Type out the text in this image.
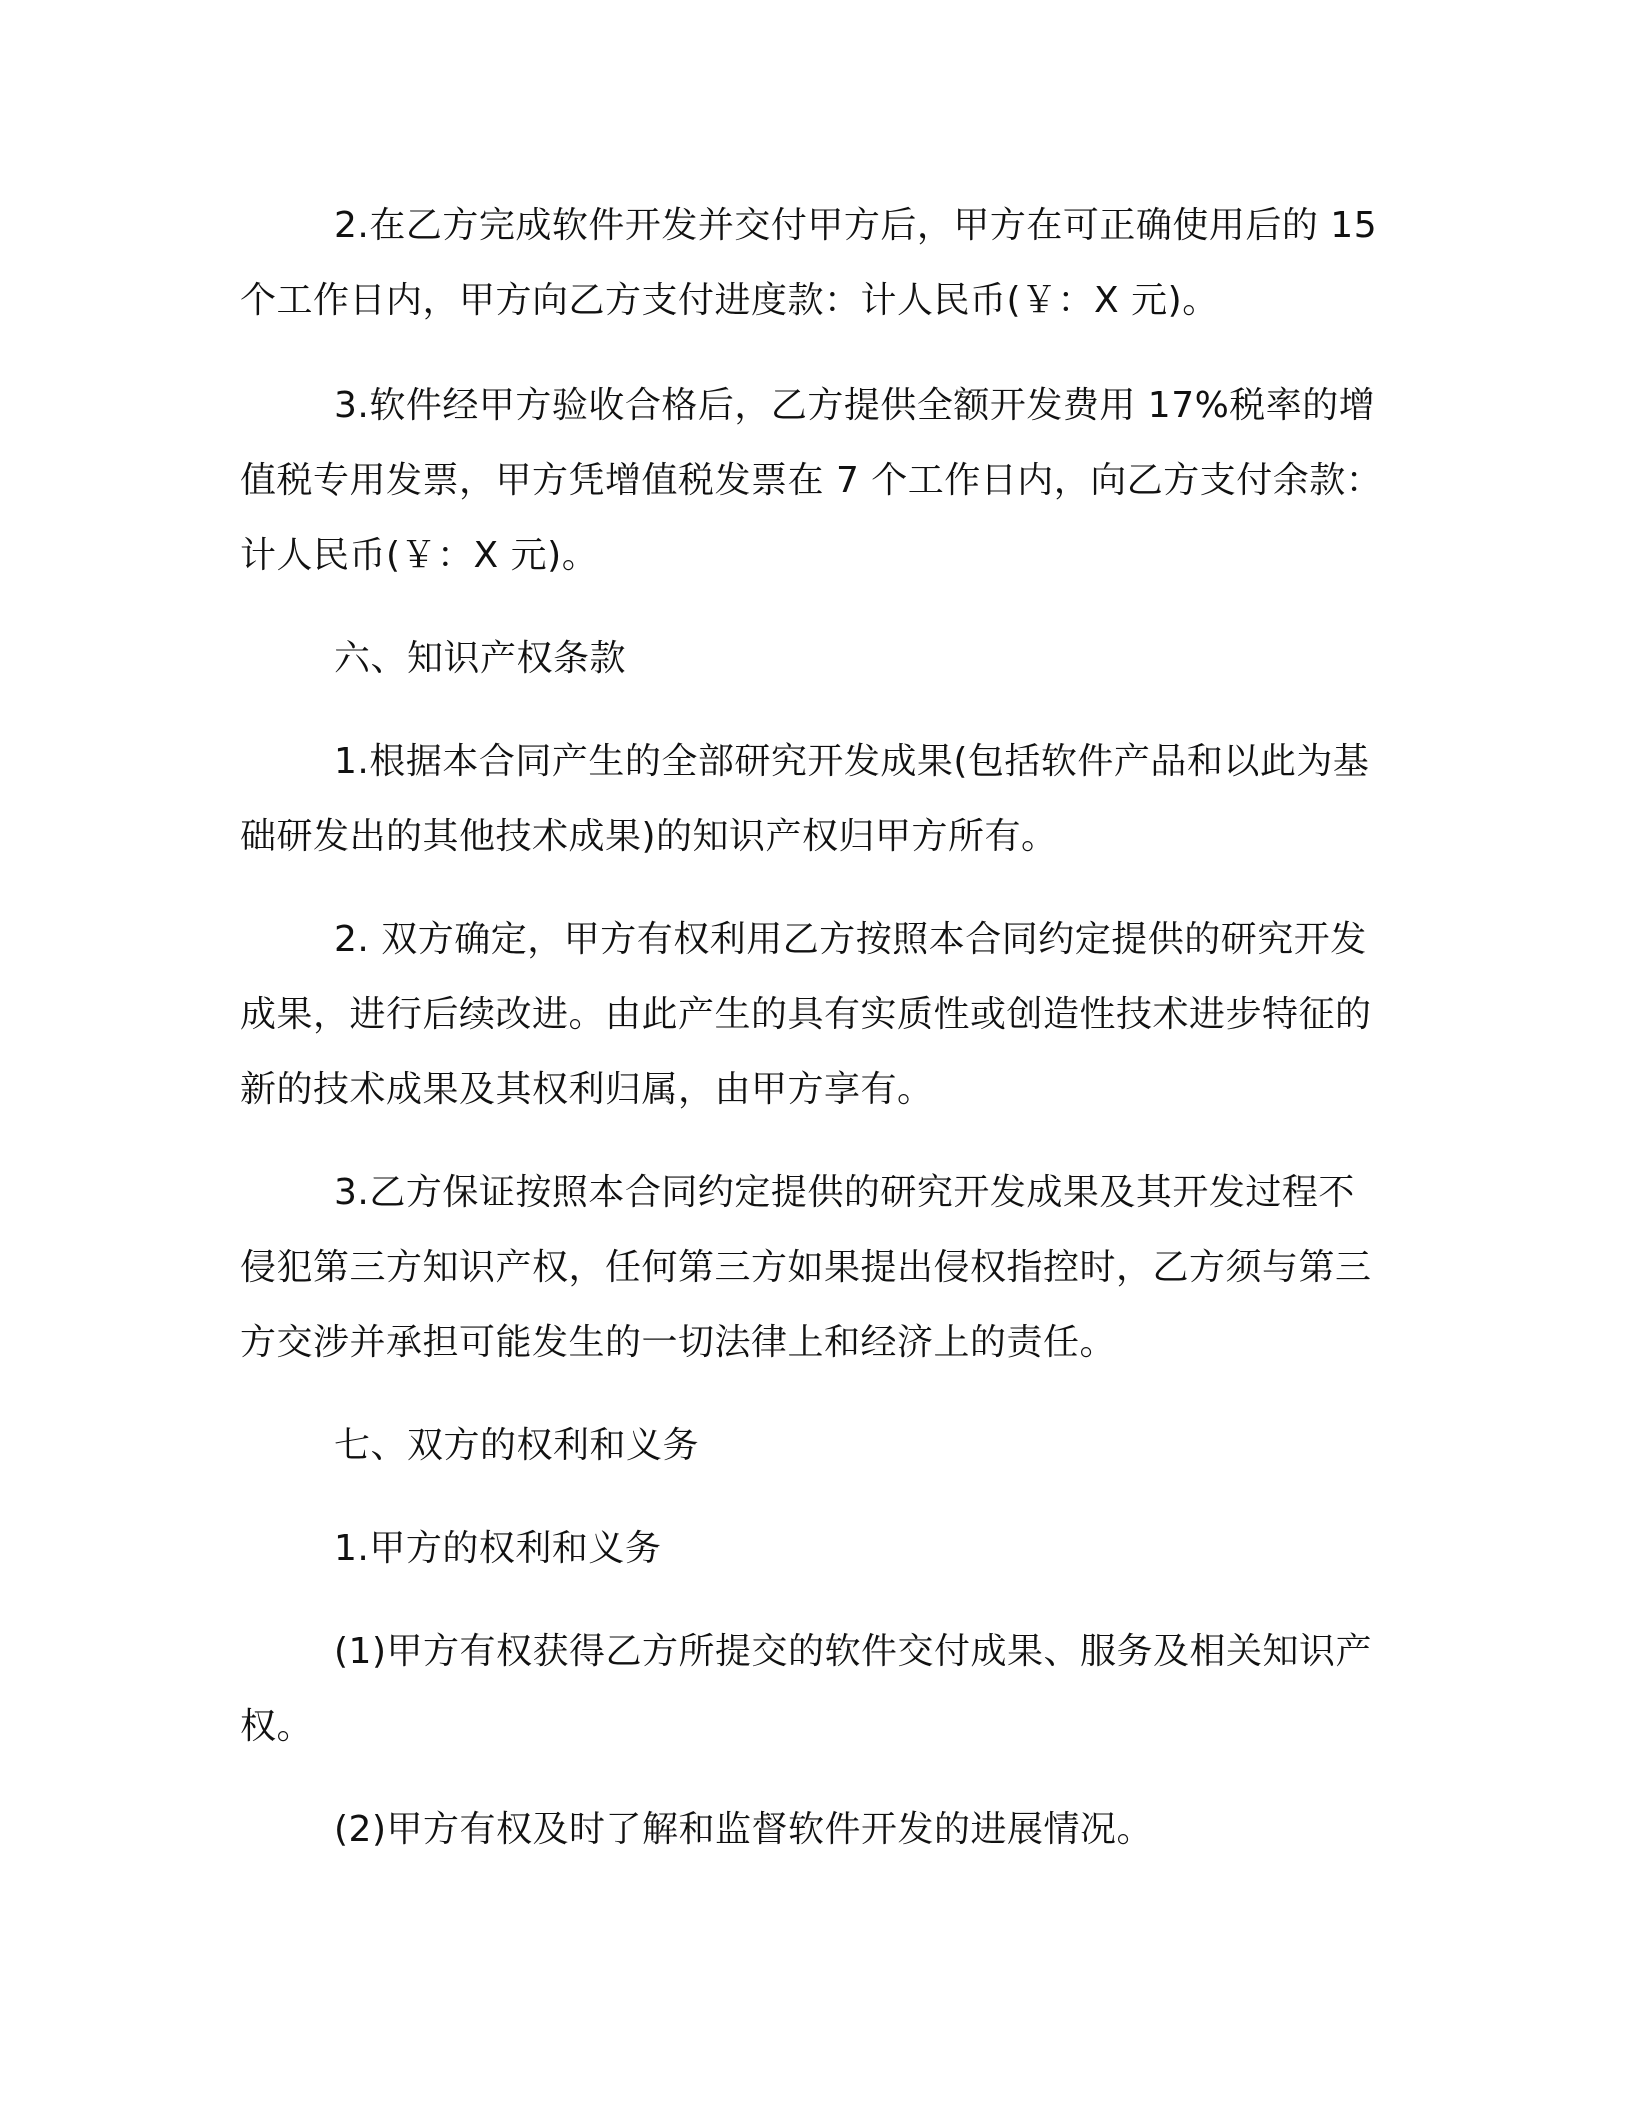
2.在乙方完成软件开发并交付甲方后，甲方在可正确使用后的 15 个工作日内，甲方向乙方支付进度款：计人民币(￥：X 元)。

3.软件经甲方验收合格后，乙方提供全额开发费用 17%税率的增值税专用发票，甲方凭增值税发票在 7 个工作日内，向乙方支付余款：计人民币(￥：X 元)。

六、知识产权条款

1.根据本合同产生的全部研究开发成果(包括软件产品和以此为基础研发出的其他技术成果)的知识产权归甲方所有。

2. 双方确定，甲方有权利用乙方按照本合同约定提供的研究开发成果，进行后续改进。由此产生的具有实质性或创造性技术进步特征的新的技术成果及其权利归属，由甲方享有。

3.乙方保证按照本合同约定提供的研究开发成果及其开发过程不侵犯第三方知识产权，任何第三方如果提出侵权指控时，乙方须与第三方交涉并承担可能发生的一切法律上和经济上的责任。

七、双方的权利和义务

1.甲方的权利和义务

(1)甲方有权获得乙方所提交的软件交付成果、服务及相关知识产权。

(2)甲方有权及时了解和监督软件开发的进展情况。
